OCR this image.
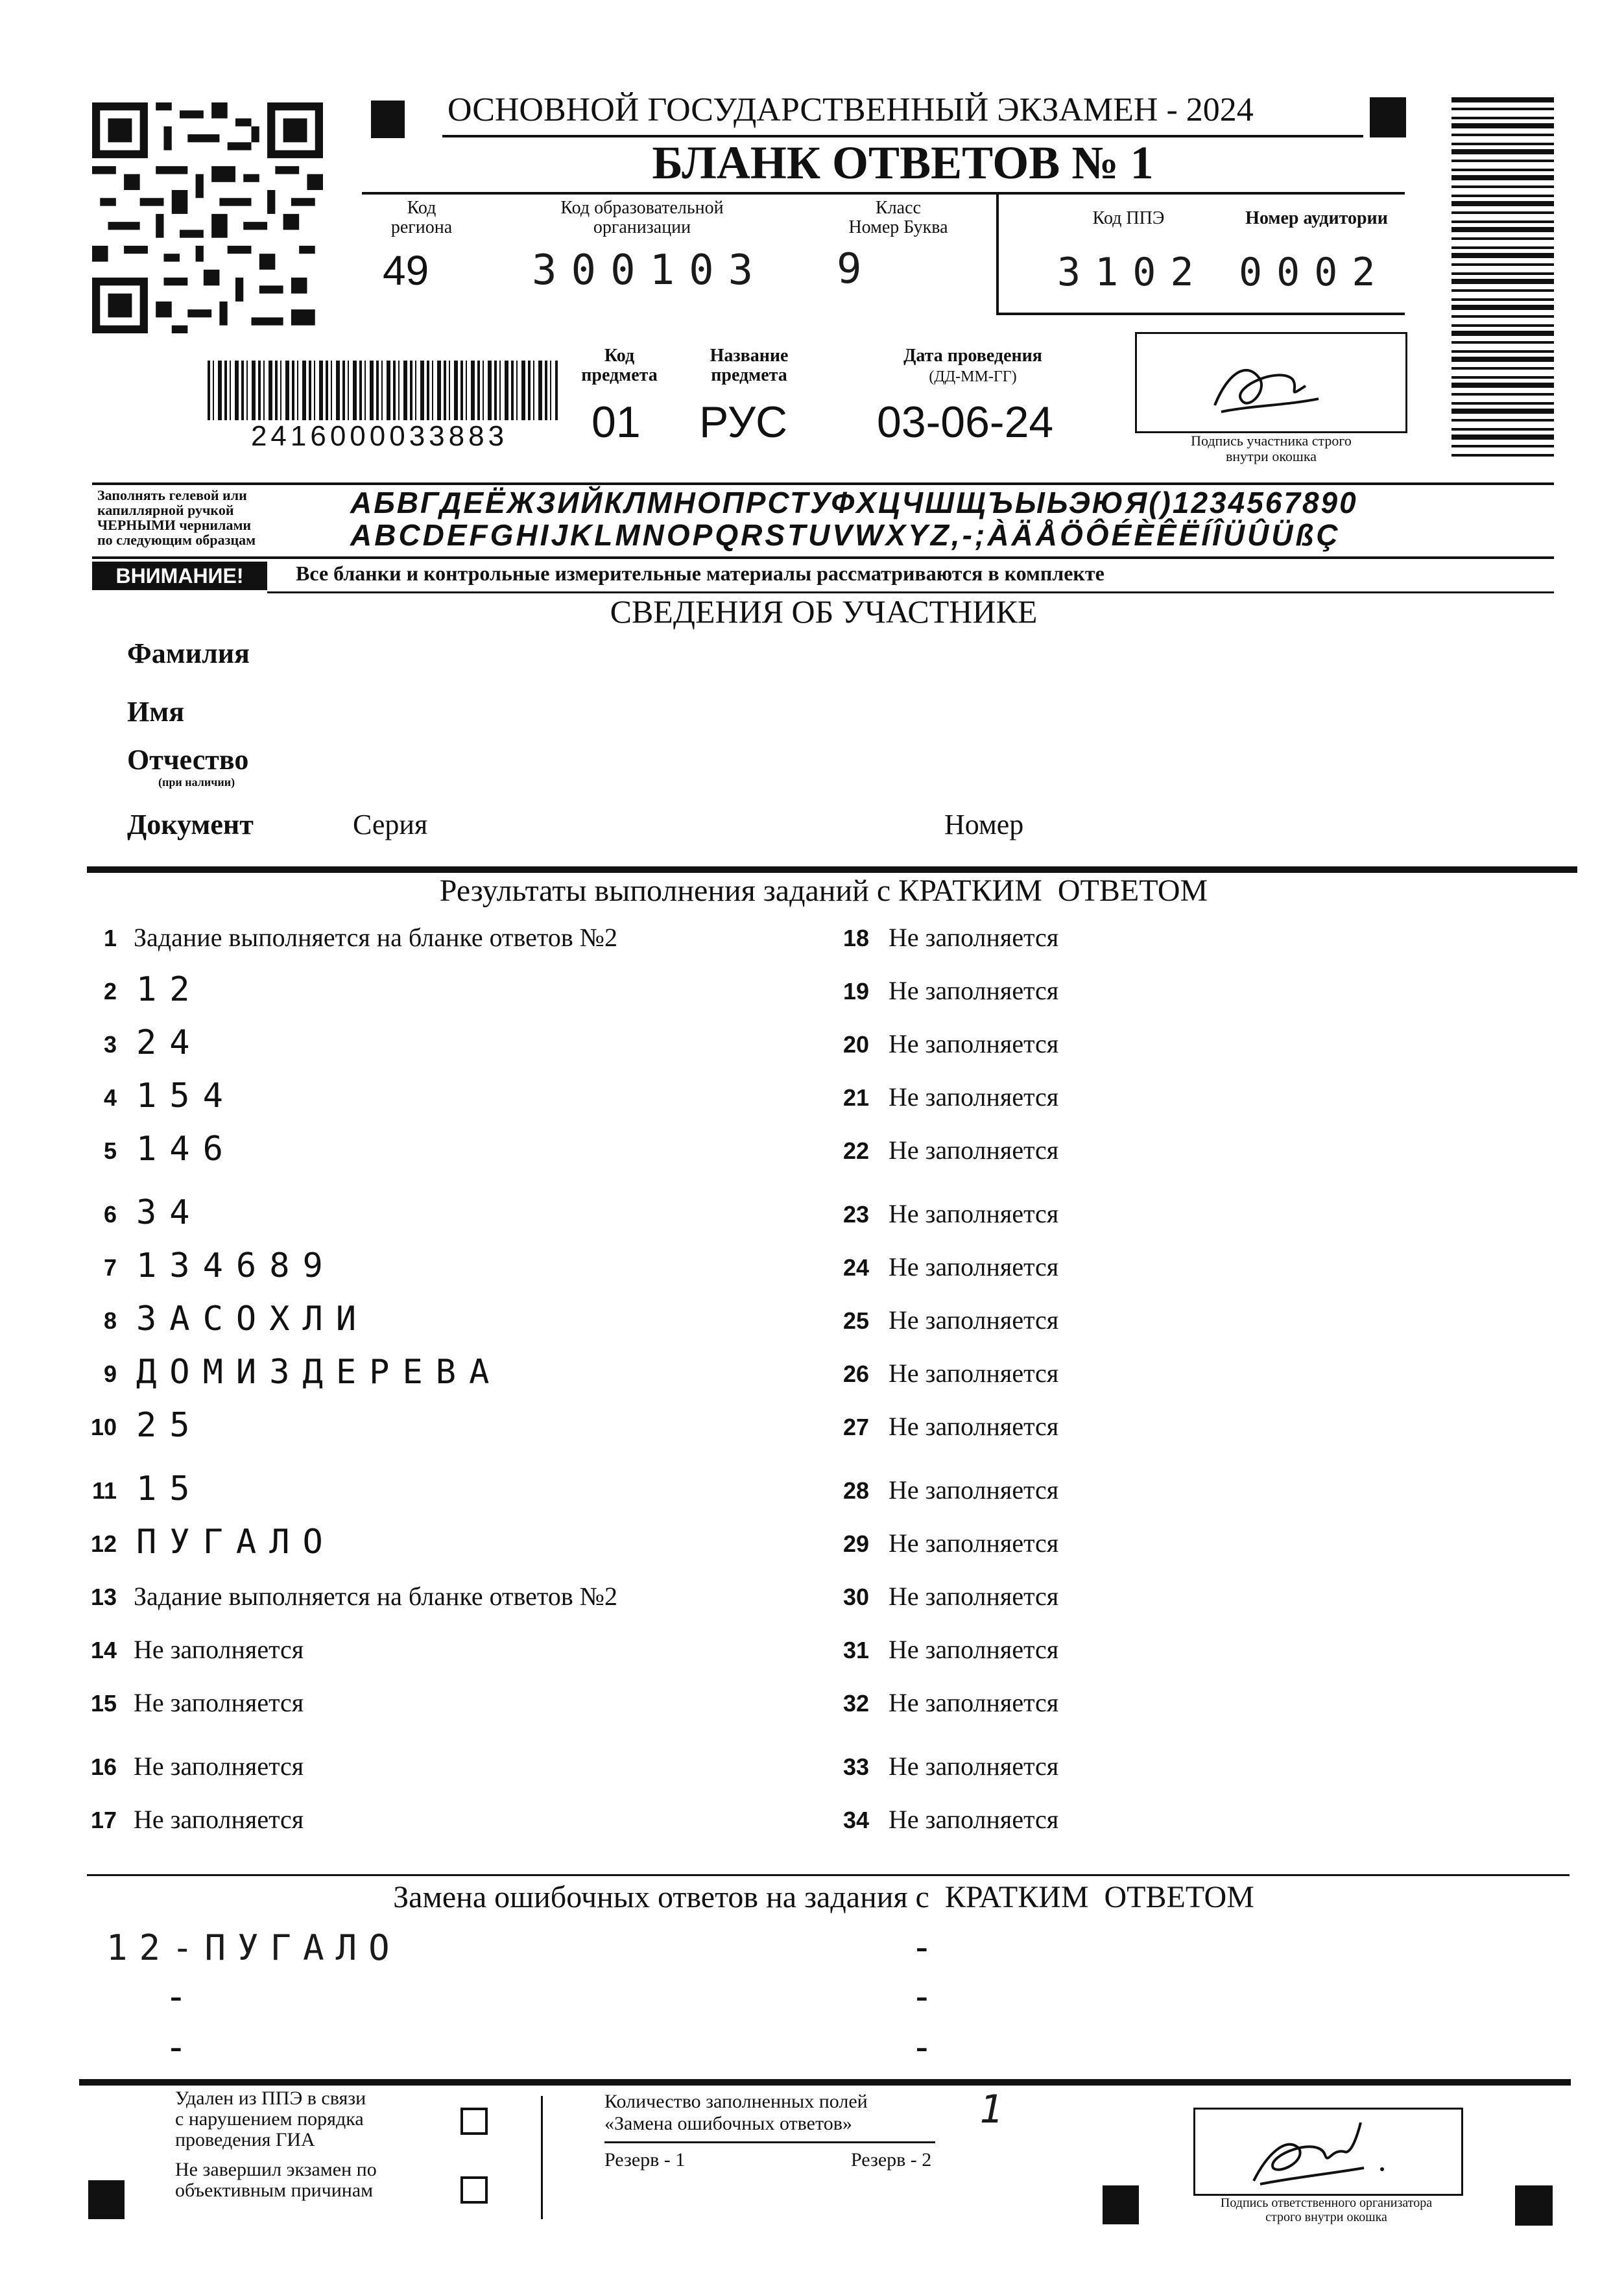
ОСНОВНОЙ ГОСУДАРСТВЕННЫЙ ЭКЗАМЕН - 2024
БЛАНК ОТВЕТОВ № 1
Код
региона
49
Код образовательной
организации
300103
Класс
Номер Буква
9
Код ППЭ	Номер аудитории
3102 0002
2416000033883
Код
предмета
01
Название
предмета
РУС
Дата проведения
(ДД-ММ-ГГ)
03-06-24	Подпись участника строго
внутри окошка
Заполнять гелевой или
капиллярной ручкой
ЧЕРНЫМИ чернилами
по следующим образцам
АБВГДЕЁЖЗИЙКЛМНОПРСТУФХЦЧШЩЪЫЬЭЮЯ()1234567890
ABCDEFGHIJKLMNOPQRSTUVWXYZ,-;ÀÄÅÖÔÉÈÊËÍÎÜÛÜßÇ
ВНИМАНИЕ!	Все бланки и контрольные измерительные материалы рассматриваются в комплекте
СВЕДЕНИЯ ОБ УЧАСТНИКЕ
Фамилия
Имя
Отчество
(при наличии)
Документ	Серия	Номер
Результаты выполнения заданий с КРАТКИМ  ОТВЕТОМ
1 Задание выполняется на бланке ответов №2
2 12
3 24
4 154
5 146
6 34
7 134689
8 ЗАСОХЛИ
9 ДОМИЗДЕРЕВА
10 25
11 15
12 ПУГАЛО
13 Задание выполняется на бланке ответов №2
14 Не заполняется
15 Не заполняется
16 Не заполняется
17 Не заполняется
18 Не заполняется
19 Не заполняется
20 Не заполняется
21 Не заполняется
22 Не заполняется
23 Не заполняется
24 Не заполняется
25 Не заполняется
26 Не заполняется
27 Не заполняется
28 Не заполняется
29 Не заполняется
30 Не заполняется
31 Не заполняется
32 Не заполняется
33 Не заполняется
34 Не заполняется
Замена ошибочных ответов на задания с  КРАТКИМ  ОТВЕТОМ
12-ПУГАЛО
-
-
-
-
-
Удален из ППЭ в связи
с нарушением порядка
проведения ГИА
Не завершил экзамен по
объективным причинам
Количество заполненных полей
«Замена ошибочных ответов»	1
Резерв - 1	Резерв - 2
Подпись ответственного организатора
строго внутри окошка
